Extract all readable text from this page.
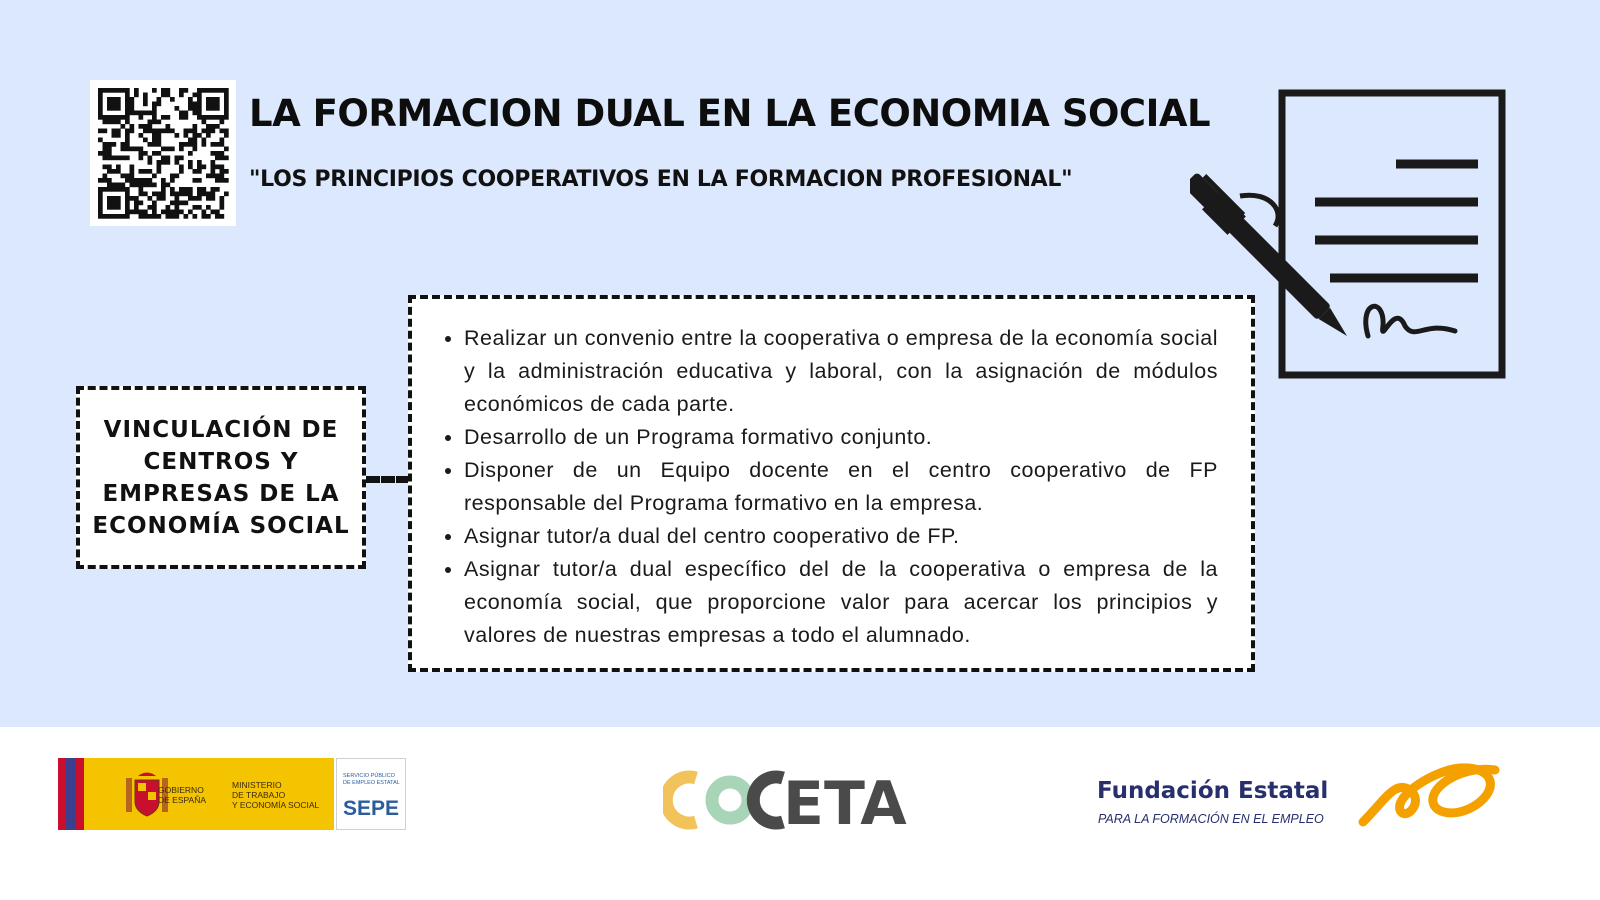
LA FORMACION DUAL EN LA ECONOMIA SOCIAL
"LOS PRINCIPIOS COOPERATIVOS EN LA FORMACION PROFESIONAL"
VINCULACIÓN DE
CENTROS Y
EMPRESAS DE LA
ECONOMÍA SOCIAL
• Realizar un convenio entre la cooperativa o empresa de la economía social y la administración educativa y laboral, con la asignación de módulos económicos de cada parte.
• Desarrollo de un Programa formativo conjunto.
• Disponer de un Equipo docente en el centro cooperativo de FP responsable del Programa formativo en la empresa.
• Asignar tutor/a dual del centro cooperativo de FP.
• Asignar tutor/a dual específico del de la cooperativa o empresa de la economía social, que proporcione valor para acercar los principios y valores de nuestras empresas a todo el alumnado.
GOBIERNO
DE ESPAÑA
MINISTERIO
DE TRABAJO
Y ECONOMÍA SOCIAL
SERVICIO PÚBLICO
DE EMPLEO ESTATAL
SEPE	ETA	Fundación Estatal
PARA LA FORMACIÓN EN EL EMPLEO
